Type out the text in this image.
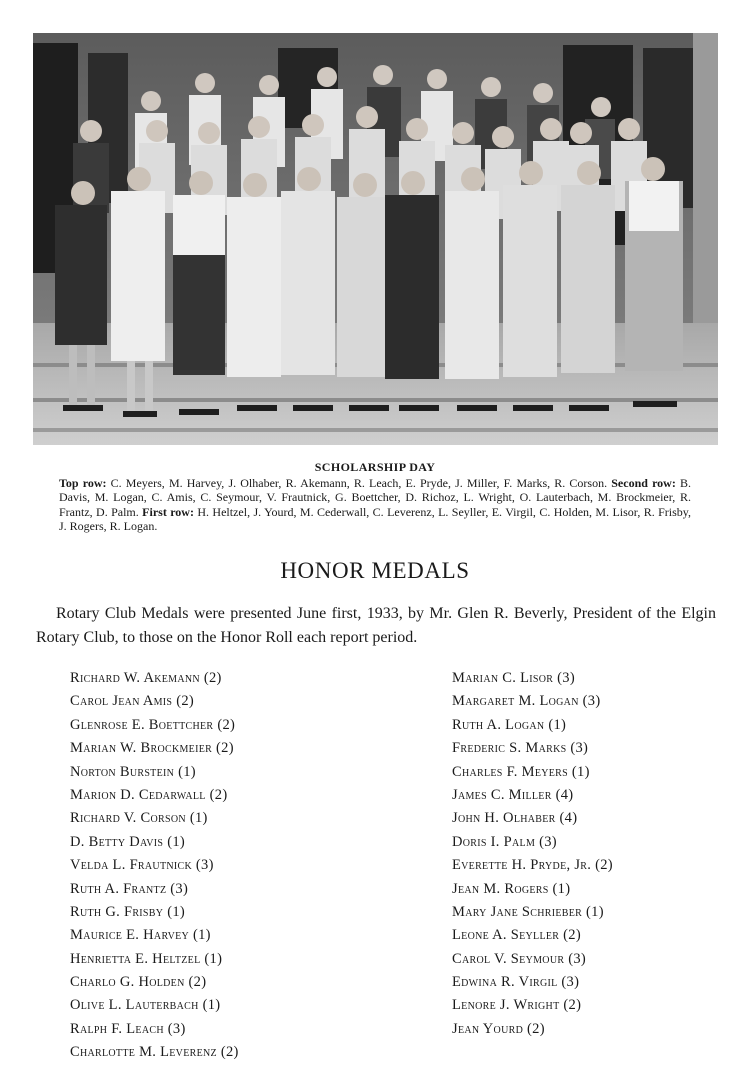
SCHOLARSHIP DAY

Top row: C. Meyers, M. Harvey, J. Olhaber, R. Akemann, R. Leach, E. Pryde, J. Miller, F. Marks, R. Corson. Second row: B. Davis, M. Logan, C. Amis, C. Seymour, V. Frautnick, G. Boettcher, D. Richoz, L. Wright, O. Lauterbach, M. Brockmeier, R. Frantz, D. Palm. First row: H. Heltzel, J. Yourd, M. Cederwall, C. Leverenz, L. Seyller, E. Virgil, C. Holden, M. Lisor, R. Frisby, J. Rogers, R. Logan.

HONOR MEDALS

Rotary Club Medals were presented June first, 1933, by Mr. Glen R. Beverly, President of the Elgin Rotary Club, to those on the Honor Roll each report period.

Richard W. Akemann (2)
Carol Jean Amis (2)
Glenrose E. Boettcher (2)
Marian W. Brockmeier (2)
Norton Burstein (1)
Marion D. Cedarwall (2)
Richard V. Corson (1)
D. Betty Davis (1)
Velda L. Frautnick (3)
Ruth A. Frantz (3)
Ruth G. Frisby (1)
Maurice E. Harvey (1)
Henrietta E. Heltzel (1)
Charlo G. Holden (2)
Olive L. Lauterbach (1)
Ralph F. Leach (3)
Charlotte M. Leverenz (2)
Marian C. Lisor (3)
Margaret M. Logan (3)
Ruth A. Logan (1)
Frederic S. Marks (3)
Charles F. Meyers (1)
James C. Miller (4)
John H. Olhaber (4)
Doris I. Palm (3)
Everette H. Pryde, Jr. (2)
Jean M. Rogers (1)
Mary Jane Schrieber (1)
Leone A. Seyller (2)
Carol V. Seymour (3)
Edwina R. Virgil (3)
Lenore J. Wright (2)
Jean Yourd (2)
